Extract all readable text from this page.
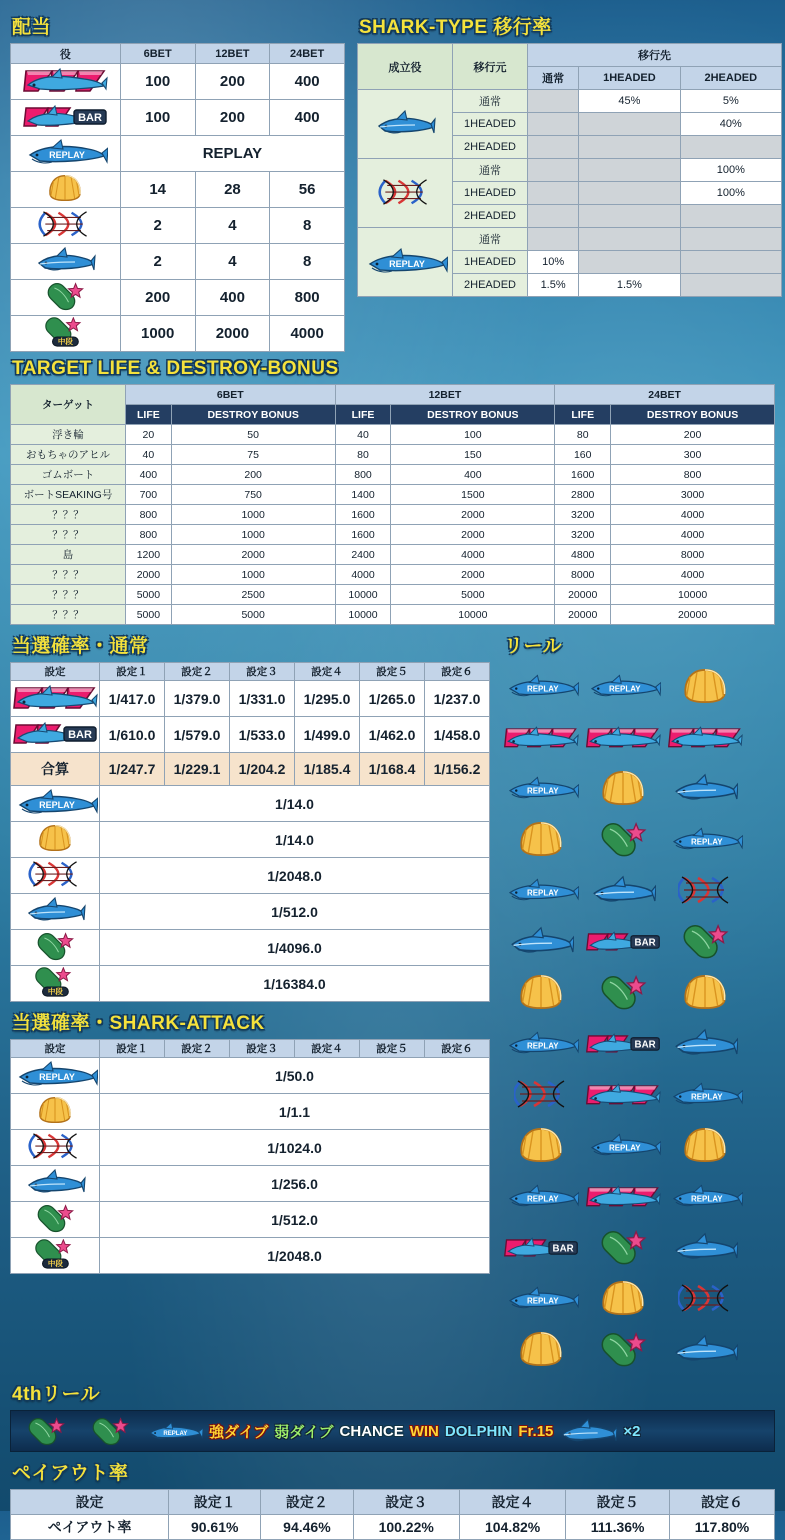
配当
役	6BET	12BET	24BET
	100	200	400

BAR	100	200	400

REPLAY	REPLAY		
	14	28	56
	2	4	8
	2	4	8
	200	400	800

中段	1000	2000	4000
SHARK-TYPE 移行率
成立役	移行元	移行先		
		通常	1HEADED	2HEADED
	通常		45%	5%
	1HEADED			40%
	2HEADED			
	通常			100%
	1HEADED			100%
	2HEADED			

REPLAY	通常			
	1HEADED	10%		
	2HEADED	1.5%	1.5%	
TARGET LIFE & DESTROY-BONUS
ターゲット	6BET		12BET		24BET	
	LIFE	DESTROY BONUS	LIFE	DESTROY BONUS	LIFE	DESTROY BONUS
浮き輪	20	50	40	100	80	200
おもちゃのアヒル	40	75	80	150	160	300
ゴムボート	400	200	800	400	1600	800
ボートSEAKING号	700	750	1400	1500	2800	3000
？？？	800	1000	1600	2000	3200	4000
？？？	800	1000	1600	2000	3200	4000
島	1200	2000	2400	4000	4800	8000
？？？	2000	1000	4000	2000	8000	4000
？？？	5000	2500	10000	5000	20000	10000
？？？	5000	5000	10000	10000	20000	20000
当選確率・通常
設定	設定１	設定２	設定３	設定４	設定５	設定６
	1/417.0	1/379.0	1/331.0	1/295.0	1/265.0	1/237.0

BAR	1/610.0	1/579.0	1/533.0	1/499.0	1/462.0	1/458.0
合算	1/247.7	1/229.1	1/204.2	1/185.4	1/168.4	1/156.2

REPLAY	1/14.0					
	1/14.0					
	1/2048.0					
	1/512.0					
	1/4096.0					

中段	1/16384.0					
当選確率・SHARK-ATTACK
設定	設定１	設定２	設定３	設定４	設定５	設定６

REPLAY	1/50.0					
	1/1.1					
	1/1024.0					
	1/256.0					
	1/512.0					

中段	1/2048.0					
リール
REPLAY
REPLAY
REPLAY
REPLAY
REPLAY
BAR
REPLAY
REPLAY
BAR
BAR
REPLAY
REPLAY
REPLAY
REPLAY
4thリール
REPLAY 強ダイブ 弱ダイブ CHANCE WIN DOLPHIN Fr.15	×2
ペイアウト率
設定	設定１	設定２	設定３	設定４	設定５	設定６
ペイアウト率	90.61%	94.46%	100.22%	104.82%	111.36%	117.80%
